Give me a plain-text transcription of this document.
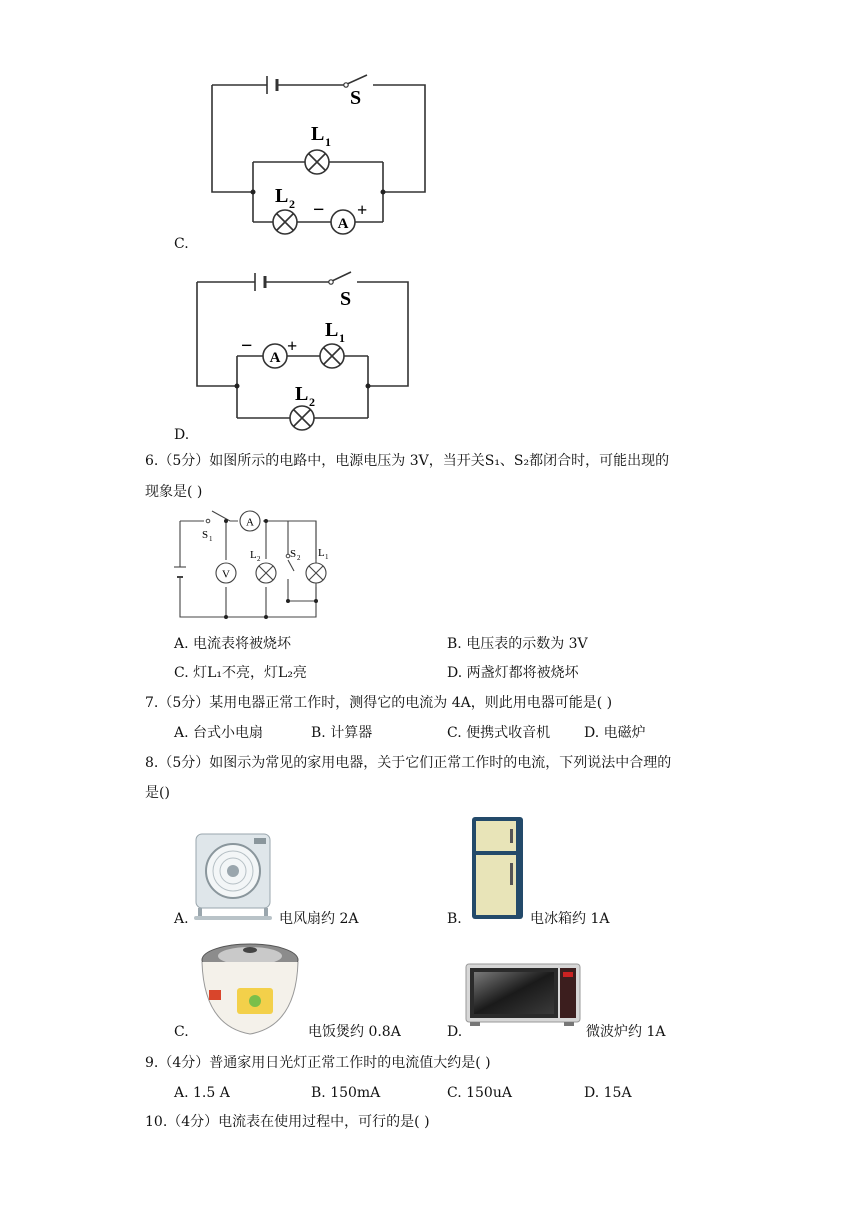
A
S
L 1
L 2 − +
C.
A
S
L 1
L 2
− +
D.
6.（5分）如图所示的电路中，电源电压为 3V，当开关S₁、S₂都闭合时，可能出现的
现象是( )
A
V
S 1
L 2	S 2 L 1
A. 电流表将被烧坏	B. 电压表的示数为 3V
C. 灯L₁不亮，灯L₂亮	D. 两盏灯都将被烧坏
7.（5分）某用电器正常工作时，测得它的电流为 4A，则此用电器可能是( )
A. 台式小电扇	B. 计算器	C. 便携式收音机 D. 电磁炉
8.（5分）如图示为常见的家用电器，关于它们正常工作时的电流，下列说法中合理的
是()
A.	电风扇约 2A	B.	电冰箱约 1A
C.	电饭煲约 0.8A	D.	微波炉约 1A
9.（4分）普通家用日光灯正常工作时的电流值大约是( )
A. 1.5 A	B. 150mA	C. 150uA	D. 15A
10.（4分）电流表在使用过程中，可行的是( )
